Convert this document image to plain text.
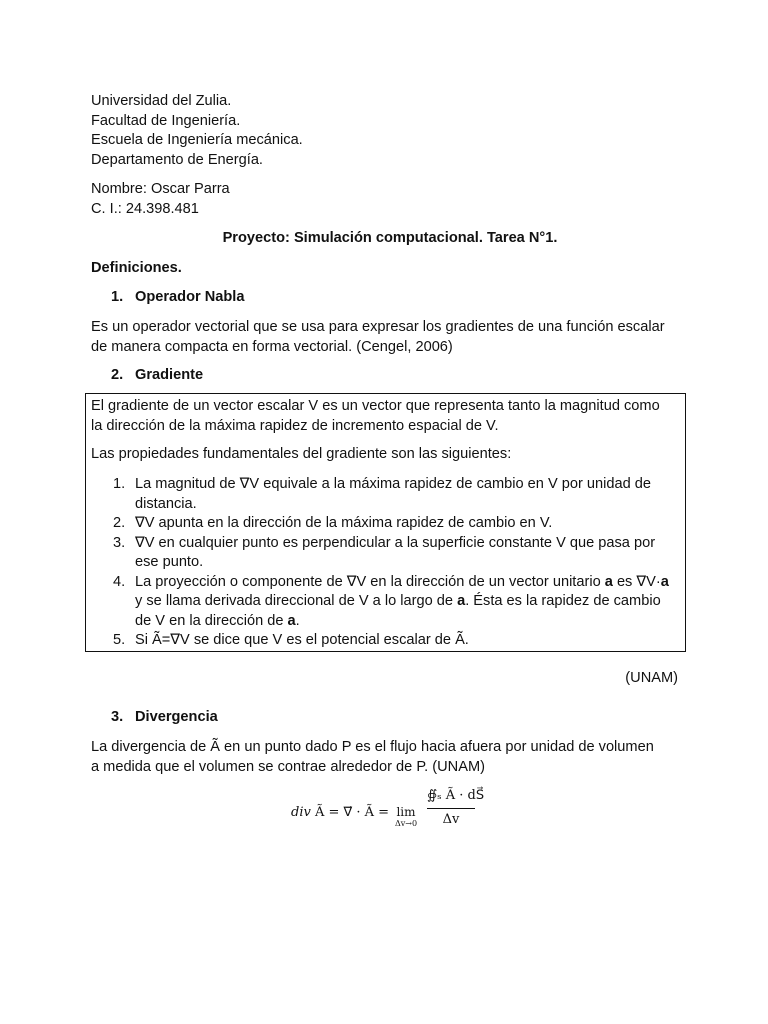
Universidad del Zulia.
Facultad de Ingeniería.
Escuela de Ingeniería mecánica.
Departamento de Energía.
Nombre: Oscar Parra
C. I.: 24.398.481
Proyecto: Simulación computacional. Tarea N°1.
Definiciones.
1. Operador Nabla
Es un operador vectorial que se usa para expresar los gradientes de una función escalar
de manera compacta en forma vectorial. (Cengel, 2006)
2. Gradiente
(UNAM)
3. Divergencia
La divergencia de Ã en un punto dado P es el flujo hacia afuera por unidad de volumen
a medida que el volumen se contrae alrededor de P. (UNAM)
El gradiente de un vector escalar V es un vector que representa tanto la magnitud como
la dirección de la máxima rapidez de incremento espacial de V.
Las propiedades fundamentales del gradiente son las siguientes:
1. La magnitud de ∇V equivale a la máxima rapidez de cambio en V por unidad de
distancia.
2. ∇V apunta en la dirección de la máxima rapidez de cambio en V.
3. ∇V en cualquier punto es perpendicular a la superficie constante V que pasa por
ese punto.
4. La proyección o componente de ∇V en la dirección de un vector unitario a es ∇V·a
y se llama derivada direccional de V a lo largo de a. Ésta es la rapidez de cambio
de V en la dirección de a.
5. Si Ã=∇V se dice que V es el potencial escalar de Ã.
div Ã = ∇⃗ · Ã = lim
Δv→0
∯ₛ Ã · dS⃗
Δv
